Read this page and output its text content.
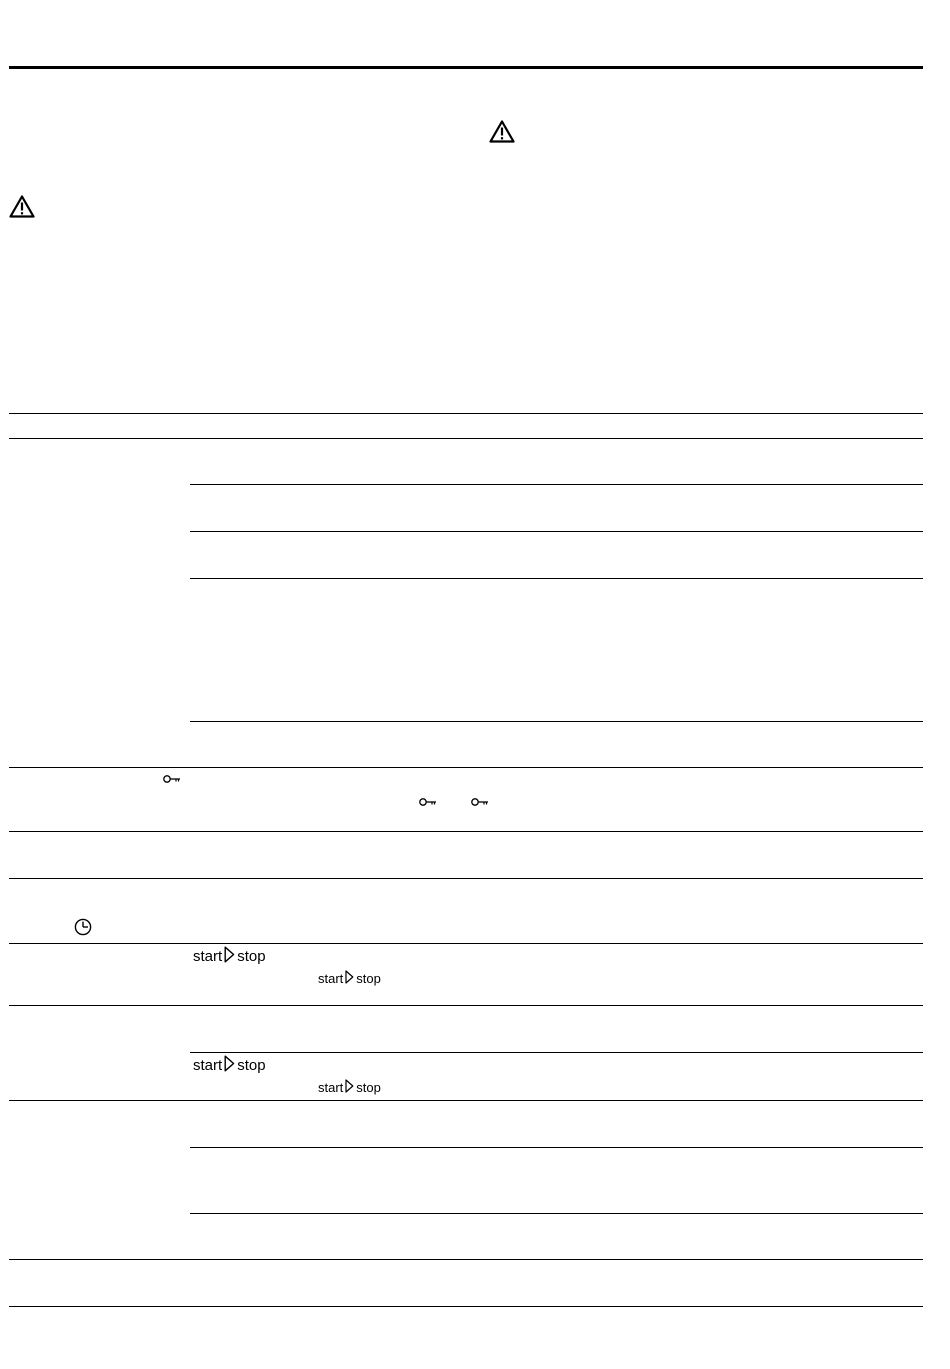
start stop
start stop
start stop
start stop
